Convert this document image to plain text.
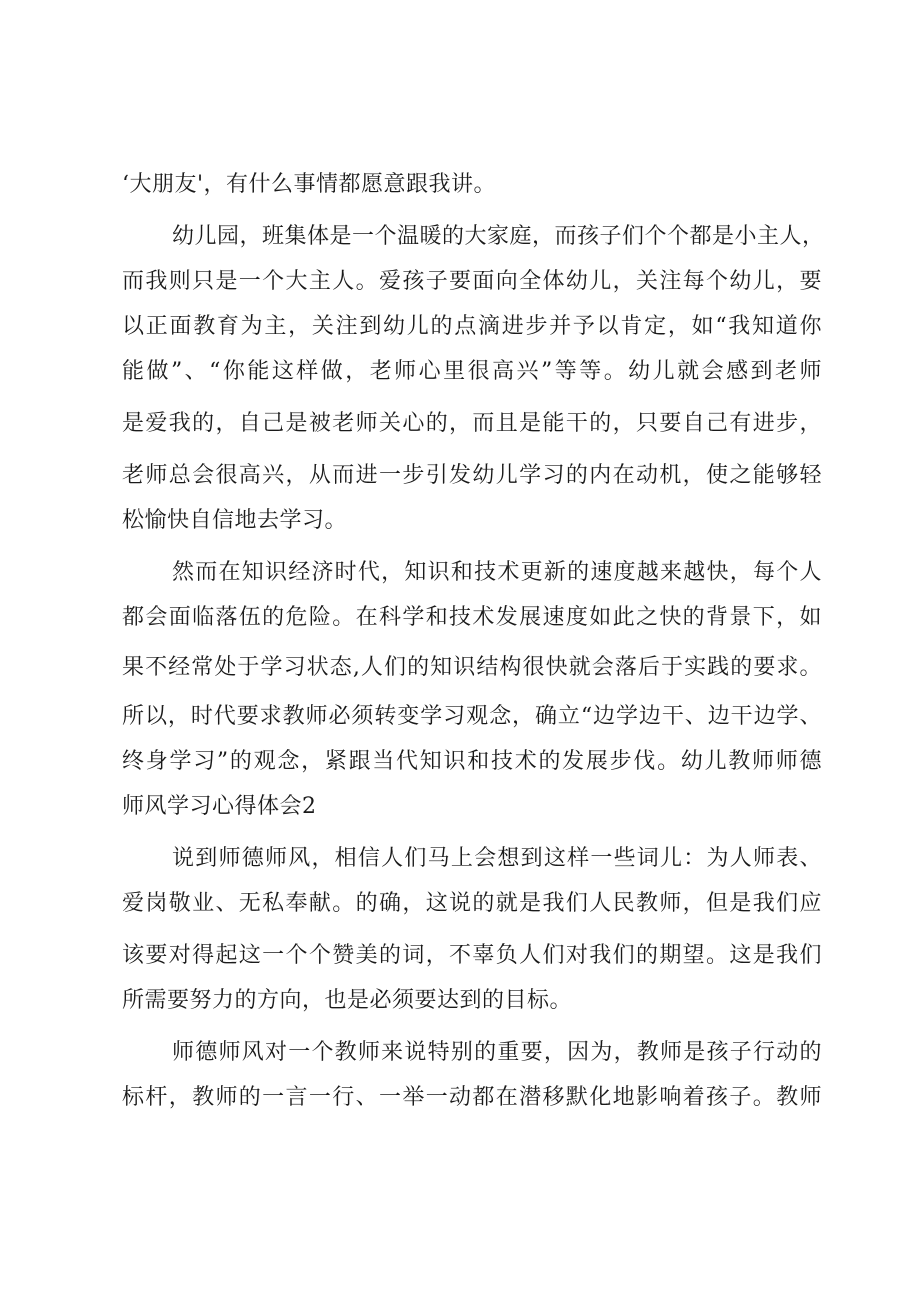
‘大朋友'，有什么事情都愿意跟我讲。
幼儿园，班集体是一个温暖的大家庭，而孩子们个个都是小主人，
而我则只是一个大主人。爱孩子要面向全体幼儿，关注每个幼儿，要
以正面教育为主，关注到幼儿的点滴进步并予以肯定，如“我知道你
能做”、“你能这样做，老师心里很高兴”等等。幼儿就会感到老师
是爱我的，自己是被老师关心的，而且是能干的，只要自己有进步，
老师总会很高兴，从而进一步引发幼儿学习的内在动机，使之能够轻
松愉快自信地去学习。
然而在知识经济时代，知识和技术更新的速度越来越快，每个人
都会面临落伍的危险。在科学和技术发展速度如此之快的背景下，如
果不经常处于学习状态,人们的知识结构很快就会落后于实践的要求。
所以，时代要求教师必须转变学习观念，确立“边学边干、边干边学、
终身学习”的观念，紧跟当代知识和技术的发展步伐。幼儿教师师德
师风学习心得体会2
说到师德师风，相信人们马上会想到这样一些词儿：为人师表、
爱岗敬业、无私奉献。的确，这说的就是我们人民教师，但是我们应
该要对得起这一个个赞美的词，不辜负人们对我们的期望。这是我们
所需要努力的方向，也是必须要达到的目标。
师德师风对一个教师来说特别的重要，因为，教师是孩子行动的
标杆，教师的一言一行、一举一动都在潜移默化地影响着孩子。教师
